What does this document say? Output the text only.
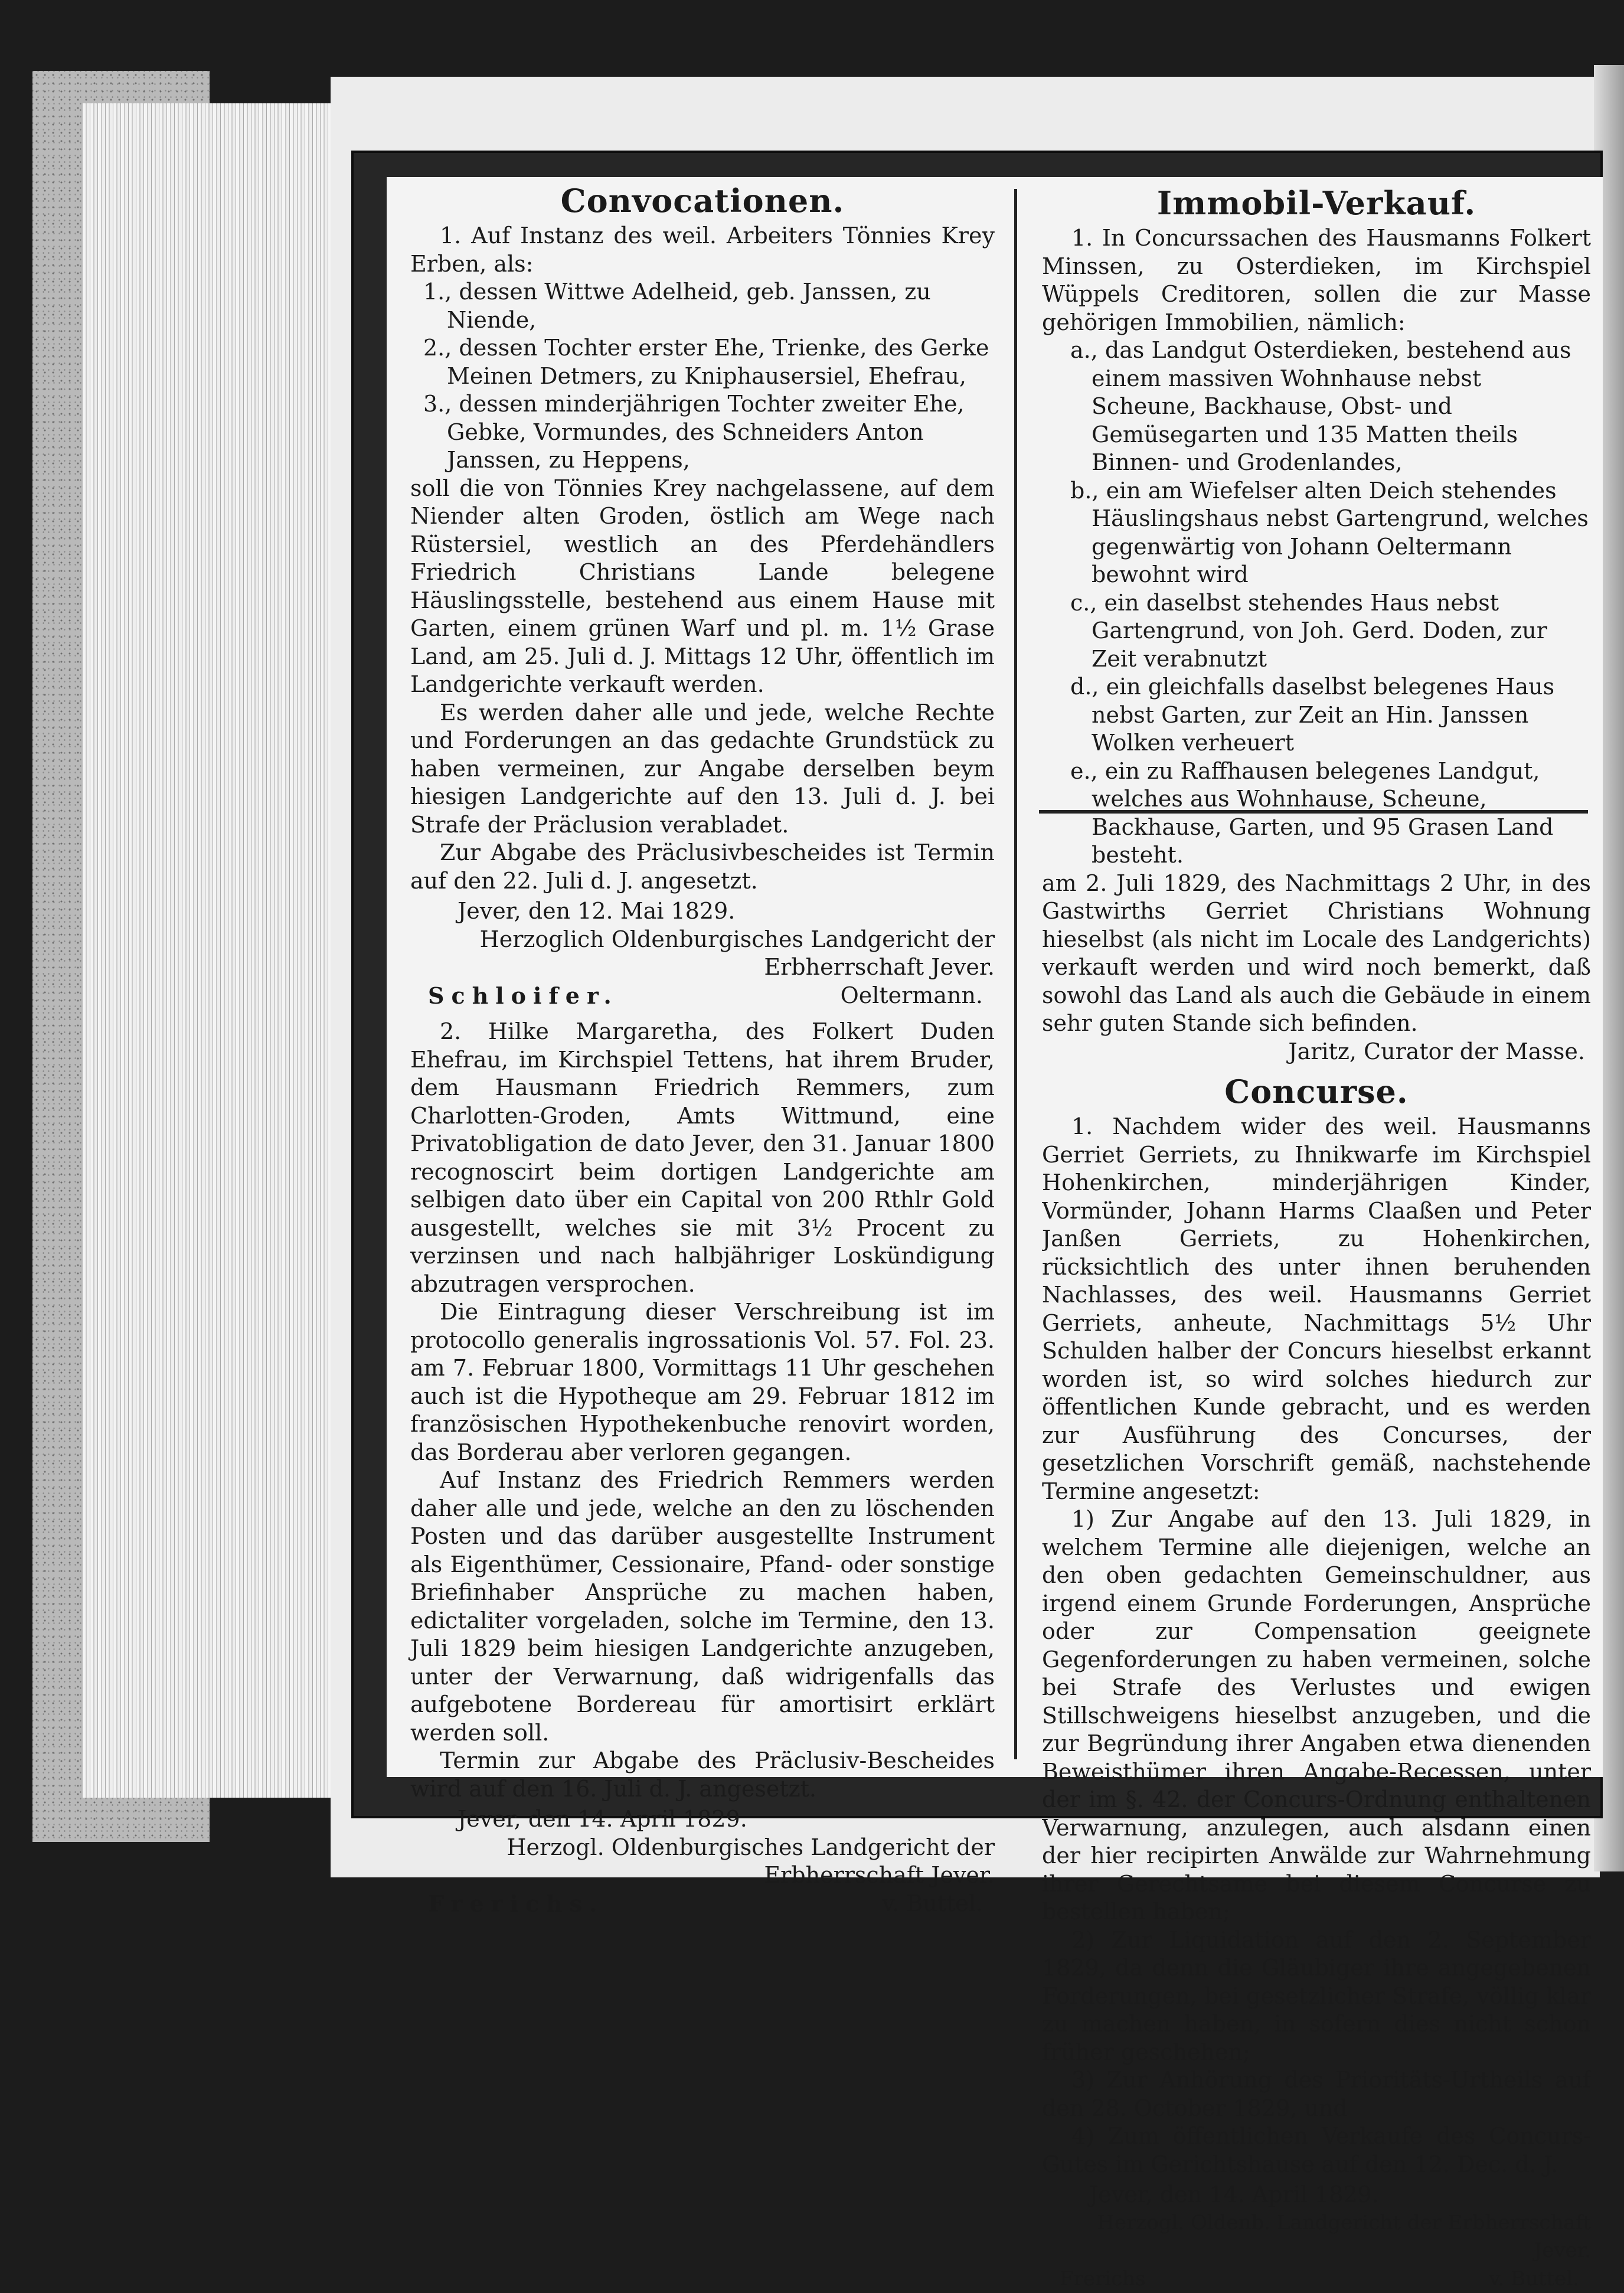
Convocationen.

1. Auf Instanz des weil. Arbeiters Tönnies Krey Erben, als:

1., dessen Wittwe Adelheid, geb. Janssen, zu Niende,

2., dessen Tochter erster Ehe, Trienke, des Gerke Meinen Detmers, zu Kniphausersiel, Ehefrau,

3., dessen minderjährigen Tochter zweiter Ehe, Gebke, Vormundes, des Schneiders Anton Janssen, zu Heppens,

soll die von Tönnies Krey nachgelassene, auf dem Niender alten Groden, östlich am Wege nach Rüstersiel, westlich an des Pferdehändlers Friedrich Christians Lande belegene Häuslingsstelle, bestehend aus einem Hause mit Garten, einem grünen Warf und pl. m. 1½ Grase Land, am 25. Juli d. J. Mittags 12 Uhr, öffentlich im Landgerichte verkauft werden.

Es werden daher alle und jede, welche Rechte und Forderungen an das gedachte Grundstück zu haben vermeinen, zur Angabe derselben beym hiesigen Landgerichte auf den 13. Juli d. J. bei Strafe der Präclusion verabladet.

Zur Abgabe des Präclusivbescheides ist Termin auf den 22. Juli d. J. angesetzt.

Jever, den 12. Mai 1829.

Herzoglich Oldenburgisches Landgericht der Erbherrschaft Jever.

Schloifer.	Oeltermann.

2. Hilke Margaretha, des Folkert Duden Ehefrau, im Kirchspiel Tettens, hat ihrem Bruder, dem Hausmann Friedrich Remmers, zum Charlotten-Groden, Amts Wittmund, eine Privatobligation de dato Jever, den 31. Januar 1800 recognoscirt beim dortigen Landgerichte am selbigen dato über ein Capital von 200 Rthlr Gold ausgestellt, welches sie mit 3½ Procent zu verzinsen und nach halbjähriger Loskündigung abzutragen versprochen.

Die Eintragung dieser Verschreibung ist im protocollo generalis ingrossationis Vol. 57. Fol. 23. am 7. Februar 1800, Vormittags 11 Uhr geschehen auch ist die Hypotheque am 29. Februar 1812 im französischen Hypothekenbuche renovirt worden, das Borderau aber verloren gegangen.

Auf Instanz des Friedrich Remmers werden daher alle und jede, welche an den zu löschenden Posten und das darüber ausgestellte Instrument als Eigenthümer, Cessionaire, Pfand- oder sonstige Briefinhaber Ansprüche zu machen haben, edictaliter vorgeladen, solche im Termine, den 13. Juli 1829 beim hiesigen Landgerichte anzugeben, unter der Verwarnung, daß widrigenfalls das aufgebotene Bordereau für amortisirt erklärt werden soll.

Termin zur Abgabe des Präclusiv-Bescheides wird auf den 16. Juli d. J. angesetzt.

Jever, den 14. April 1829.

Herzogl. Oldenburgisches Landgericht der Erbherrschaft Jever.

Frerichs.	v. Buttel.
Immobil-Verkauf.

1. In Concurssachen des Hausmanns Folkert Minssen, zu Osterdieken, im Kirchspiel Wüppels Creditoren, sollen die zur Masse gehörigen Immobilien, nämlich:

a., das Landgut Osterdieken, bestehend aus einem massiven Wohnhause nebst Scheune, Backhause, Obst- und Gemüsegarten und 135 Matten theils Binnen- und Grodenlandes,

b., ein am Wiefelser alten Deich stehendes Häuslingshaus nebst Gartengrund, welches gegenwärtig von Johann Oeltermann bewohnt wird

c., ein daselbst stehendes Haus nebst Gartengrund, von Joh. Gerd. Doden, zur Zeit verabnutzt

d., ein gleichfalls daselbst belegenes Haus nebst Garten, zur Zeit an Hin. Janssen Wolken verheuert

e., ein zu Raffhausen belegenes Landgut, welches aus Wohnhause, Scheune, Backhause, Garten, und 95 Grasen Land besteht.

am 2. Juli 1829, des Nachmittags 2 Uhr, in des Gastwirths Gerriet Christians Wohnung hieselbst (als nicht im Locale des Landgerichts) verkauft werden und wird noch bemerkt, daß sowohl das Land als auch die Gebäude in einem sehr guten Stande sich befinden.

Jaritz, Curator der Masse.

Concurse.

1. Nachdem wider des weil. Hausmanns Gerriet Gerriets, zu Ihnikwarfe im Kirchspiel Hohenkirchen, minderjährigen Kinder, Vormünder, Johann Harms Claaßen und Peter Janßen Gerriets, zu Hohenkirchen, rücksichtlich des unter ihnen beruhenden Nachlasses, des weil. Hausmanns Gerriet Gerriets, anheute, Nachmittags 5½ Uhr Schulden halber der Concurs hieselbst erkannt worden ist, so wird solches hiedurch zur öffentlichen Kunde gebracht, und es werden zur Ausführung des Concurses, der gesetzlichen Vorschrift gemäß, nachstehende Termine angesetzt:

1) Zur Angabe auf den 13. Juli 1829, in welchem Termine alle diejenigen, welche an den oben gedachten Gemeinschuldner, aus irgend einem Grunde Forderungen, Ansprüche oder zur Compensation geeignete Gegenforderungen zu haben vermeinen, solche bei Strafe des Verlustes und ewigen Stillschweigens hieselbst anzugeben, und die zur Begründung ihrer Angaben etwa dienenden Beweisthümer ihren Angabe-Recessen, unter der im §. 42. der Concurs-Ordnung enthaltenen Verwarnung, anzulegen, auch alsdann einen der hier recipirten Anwälde zur Wahrnehmung ihrer Gerechtsame bei diesem Concurse zu bestellen haben;

2) Zur Liquidation auf den 2. September 1829, da denn die Gläubiger ihre angegebenen Forderungen, bei gesetzlicher Strafe, völlig klar zu machen haben, in sofern dies nicht schon früher geschehen;

3) Zur Anhörung des Prioritäts-Urtheils auf den 28. October 1829, und

4) Zum öffentlichen Verkaufe des Concurs-Gutes im Gerichtshause auf den 12. Dec. d. J.

Jever, den 14. April 1829.

Herzogl. Oldenb. Landgericht der Erbherrschaft Jever.

Frerichs	v. Buttel.
